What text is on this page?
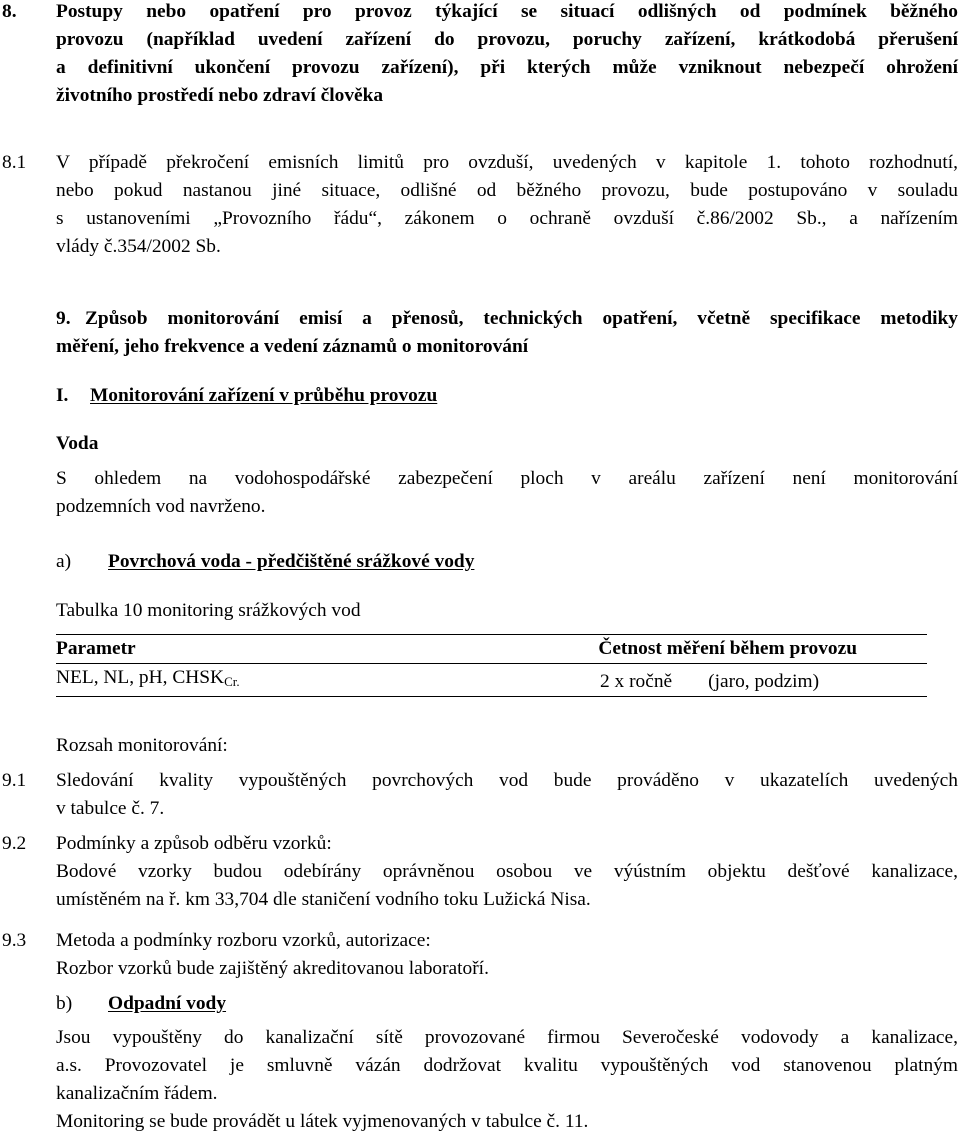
8. Postupy nebo opatření pro provoz týkající se situací odlišných od podmínek běžného
provozu (například uvedení zařízení do provozu, poruchy zařízení, krátkodobá přerušení
a definitivní ukončení provozu zařízení), při kterých může vzniknout nebezpečí ohrožení
životního prostředí nebo zdraví člověka
8.1 V případě překročení emisních limitů pro ovzduší, uvedených v kapitole 1. tohoto rozhodnutí,
nebo pokud nastanou jiné situace, odlišné od běžného provozu, bude postupováno v souladu
s ustanoveními „Provozního řádu“, zákonem o ochraně ovzduší č.86/2002 Sb., a nařízením
vlády č.354/2002 Sb.
9. Způsob monitorování emisí a přenosů, technických opatření, včetně specifikace metodiky
měření, jeho frekvence a vedení záznamů o monitorování
I. Monitorování zařízení v průběhu provozu
Voda
S ohledem na vodohospodářské zabezpečení ploch v areálu zařízení není monitorování
podzemních vod navrženo.
a) Povrchová voda - předčištěné srážkové vody
Tabulka 10 monitoring srážkových vod
Parametr	Četnost měření během provozu
NEL, NL, pH, $CHSK_{Cr.}$	2 x ročně (jaro, podzim)
Rozsah monitorování:
9.1 Sledování kvality vypouštěných povrchových vod bude prováděno v ukazatelích uvedených
v tabulce č. 7.
9.2 Podmínky a způsob odběru vzorků:
Bodové vzorky budou odebírány oprávněnou osobou ve výústním objektu dešťové kanalizace,
umístěném na ř. km 33,704 dle staničení vodního toku Lužická Nisa.
9.3 Metoda a podmínky rozboru vzorků, autorizace:
Rozbor vzorků bude zajištěný akreditovanou laboratoří.
b) Odpadní vody
Jsou vypouštěny do kanalizační sítě provozované firmou Severočeské vodovody a kanalizace,
a.s. Provozovatel je smluvně vázán dodržovat kvalitu vypouštěných vod stanovenou platným
kanalizačním řádem.
Monitoring se bude provádět u látek vyjmenovaných v tabulce č. 11.
